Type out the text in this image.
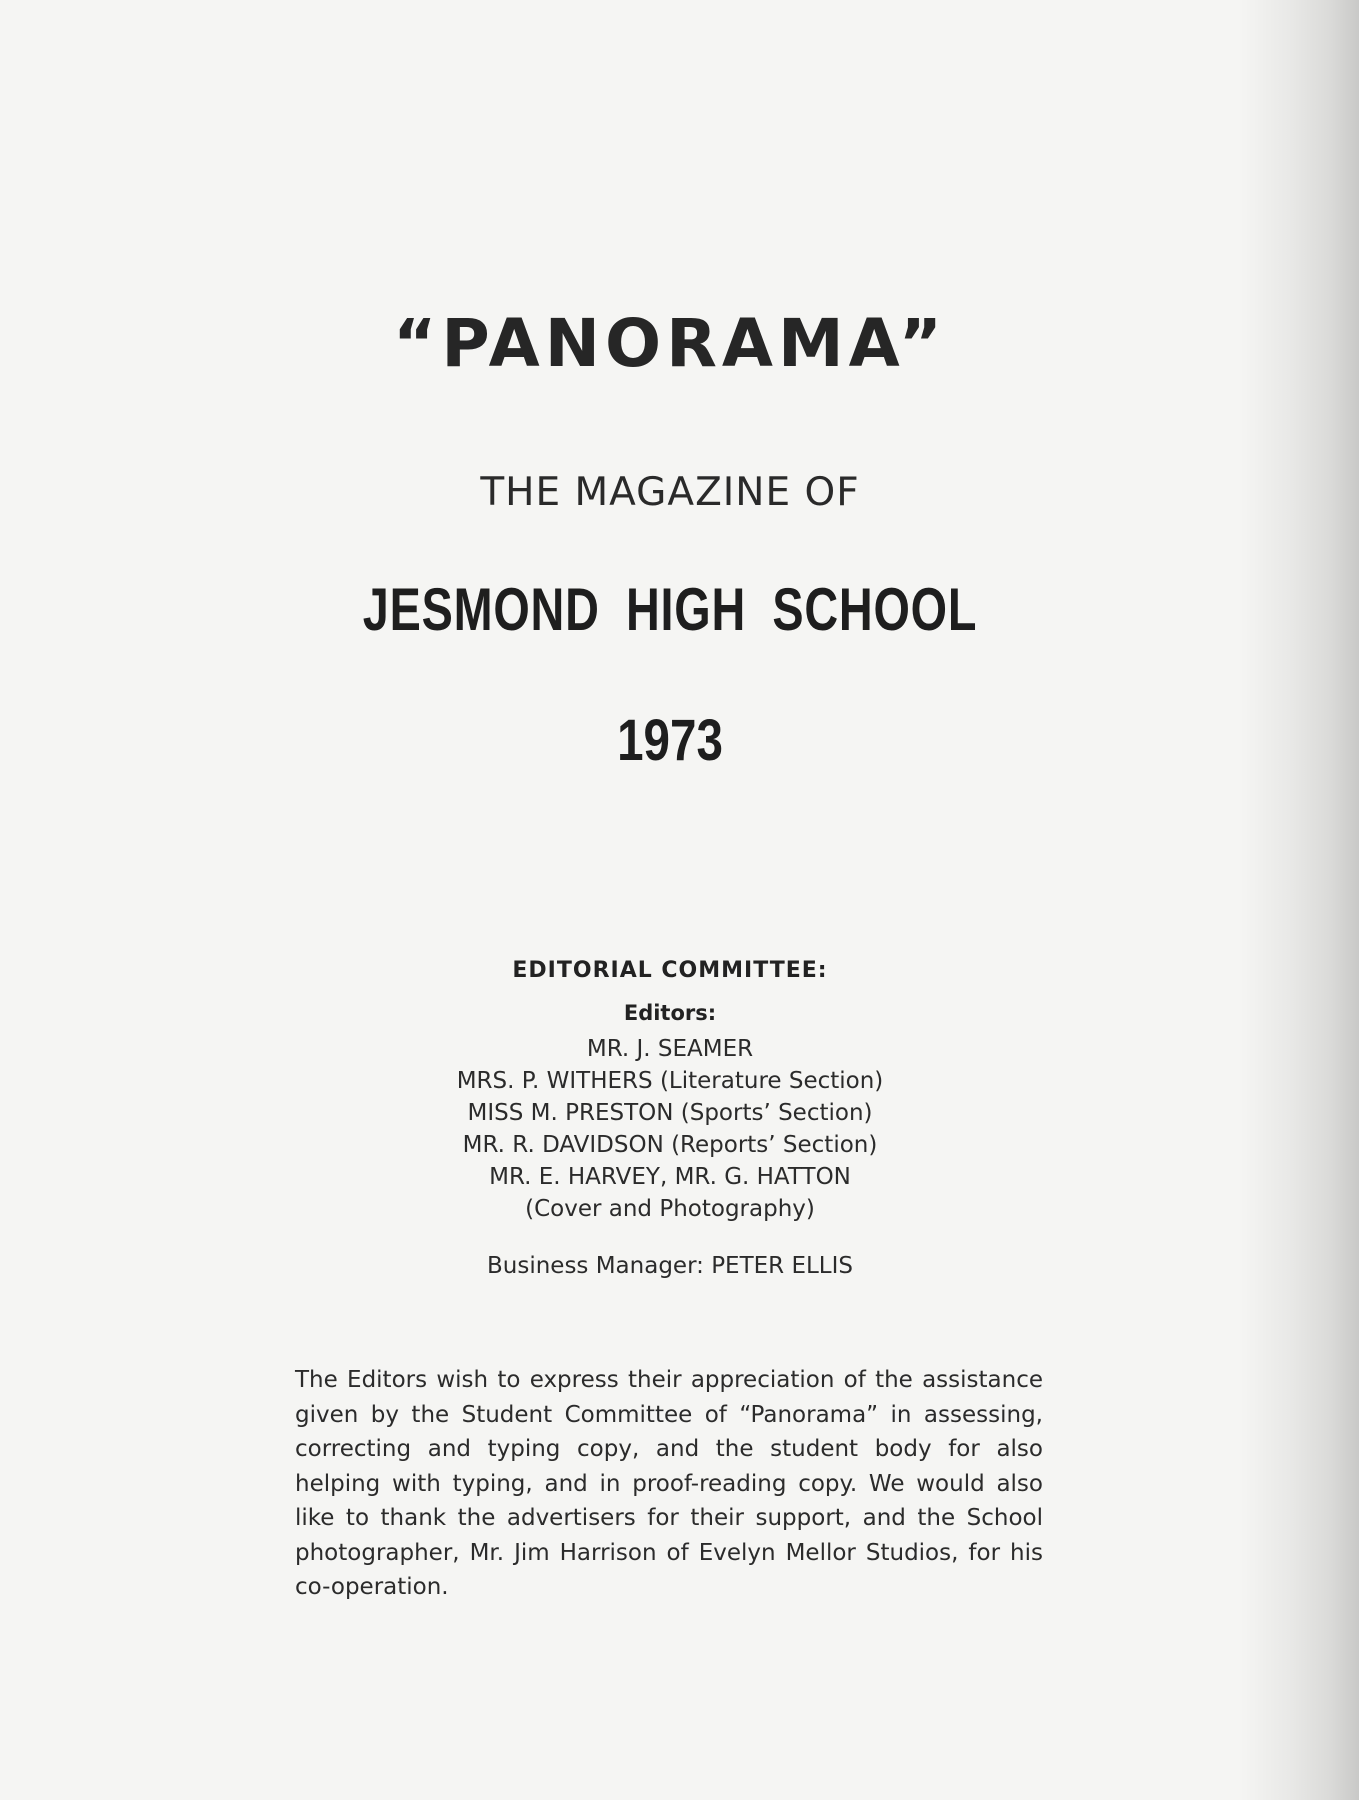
“PANORAMA”
THE MAGAZINE OF
JESMOND HIGH SCHOOL
1973
EDITORIAL COMMITTEE:
Editors:
MR. J. SEAMER
MRS. P. WITHERS (Literature Section)
MISS M. PRESTON (Sports’ Section)
MR. R. DAVIDSON (Reports’ Section)
MR. E. HARVEY, MR. G. HATTON
(Cover and Photography)
Business Manager: PETER ELLIS

The Editors wish to express their appreciation of the assistance given by the Student Committee of “Panorama” in assessing, correcting and typing copy, and the student body for also helping with typing, and in proof-reading copy. We would also like to thank the advertisers for their support, and the School photographer, Mr. Jim Harrison of Evelyn Mellor Studios, for his co-operation.
